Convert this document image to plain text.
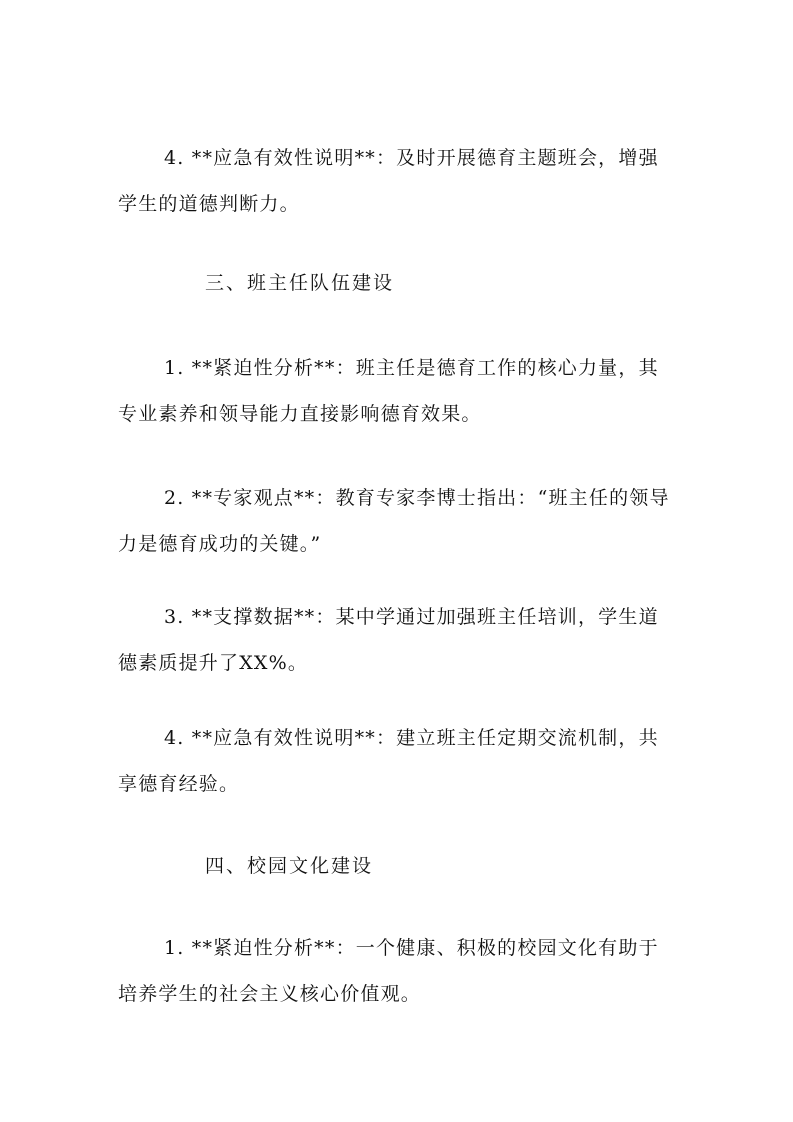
4. **应急有效性说明**：及时开展德育主题班会，增强学生的道德判断力。

三、班主任队伍建设

1. **紧迫性分析**：班主任是德育工作的核心力量，其专业素养和领导能力直接影响德育效果。

2. **专家观点**：教育专家李博士指出：“班主任的领导力是德育成功的关键。”

3. **支撑数据**：某中学通过加强班主任培训，学生道德素质提升了XX%。

4. **应急有效性说明**：建立班主任定期交流机制，共享德育经验。

四、校园文化建设

1. **紧迫性分析**：一个健康、积极的校园文化有助于培养学生的社会主义核心价值观。
